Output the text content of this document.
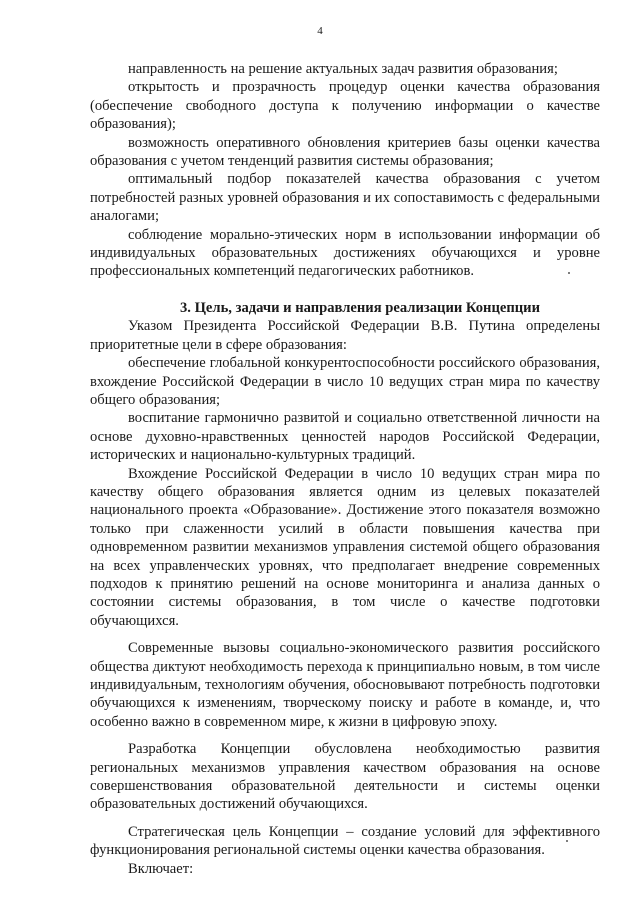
4

направленность на решение актуальных задач развития образования;

открытость и прозрачность процедур оценки качества образования (обеспечение свободного доступа к получению информации о качестве образования);

возможность оперативного обновления критериев базы оценки качества образования с учетом тенденций развития системы образования;

оптимальный подбор показателей качества образования с учетом потребностей разных уровней образования и их сопоставимость с федеральными аналогами;

соблюдение морально-этических норм в использовании информации об индивидуальных образовательных достижениях обучающихся и уровне профессиональных компетенций педагогических работников.

3. Цель, задачи и направления реализации Концепции

Указом Президента Российской Федерации В.В. Путина определены приоритетные цели в сфере образования:

обеспечение глобальной конкурентоспособности российского образования, вхождение Российской Федерации в число 10 ведущих стран мира по качеству общего образования;

воспитание гармонично развитой и социально ответственной личности на основе духовно-нравственных ценностей народов Российской Федерации, исторических и национально-культурных традиций.

Вхождение Российской Федерации в число 10 ведущих стран мира по качеству общего образования является одним из целевых показателей национального проекта «Образование». Достижение этого показателя возможно только при слаженности усилий в области повышения качества при одновременном развитии механизмов управления системой общего образования на всех управленческих уровнях, что предполагает внедрение современных подходов к принятию решений на основе мониторинга и анализа данных о состоянии системы образования, в том числе о качестве подготовки обучающихся.

Современные вызовы социально-экономического развития российского общества диктуют необходимость перехода к принципиально новым, в том числе индивидуальным, технологиям обучения, обосновывают потребность подготовки обучающихся к изменениям, творческому поиску и работе в команде, и, что особенно важно в современном мире, к жизни в цифровую эпоху.

Разработка Концепции обусловлена необходимостью развития региональных механизмов управления качеством образования на основе совершенствования образовательной деятельности и системы оценки образовательных достижений обучающихся.

Стратегическая цель Концепции – создание условий для эффективного функционирования региональной системы оценки качества образования.

Включает:
